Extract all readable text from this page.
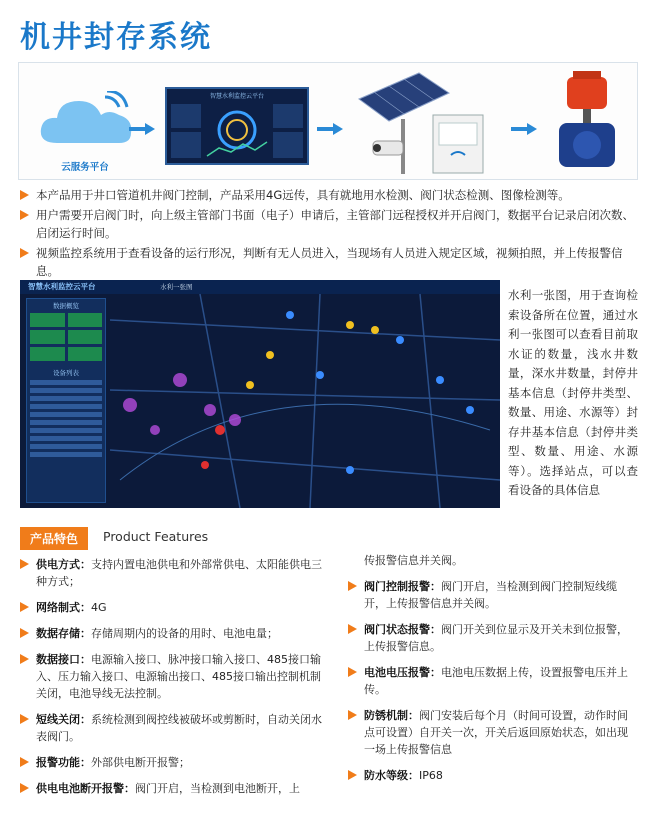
机井封存系统
云服务平台
智慧水利监控云平台
本产品用于井口管道机井阀门控制，产品采用4G远传，具有就地用水检测、阀门状态检测、图像检测等。
用户需要开启阀门时，向上级主管部门书面（电子）申请后，主管部门远程授权并开启阀门，数据平台记录启闭次数、启闭运行时间。
视频监控系统用于查看设备的运行形况，判断有无人员进入，当现场有人员进入规定区域，视频拍照，并上传报警信息。
智慧水利监控云平台	水利一张图
数据概览
设备列表
水利一张图，用于查询检索设备所在位置，通过水利一张图可以查看目前取水证的数量，浅水井数量，深水井数量，封停井基本信息（封停井类型、数量、用途、水源等）封存井基本信息（封停井类型、数量、用途、水源等）。选择站点，可以查看设备的具体信息
产品特色	Product Features
供电方式：支持内置电池供电和外部常供电、太阳能供电三种方式；
网络制式：4G
数据存储：存储周期内的设备的用时、电池电量；
数据接口：电源输入接口、脉冲接口输入接口、485接口输入、压力输入接口、电源输出接口、485接口输出控制机制关闭，电池导线无法控制。
短线关闭：系统检测到阀控线被破坏或剪断时，自动关闭水表阀门。
报警功能：外部供电断开报警；
供电电池断开报警：阀门开启，当检测到电池断开，上
传报警信息并关阀。
阀门控制报警：阀门开启，当检测到阀门控制短线缆开，上传报警信息并关阀。
阀门状态报警：阀门开关到位显示及开关未到位报警，上传报警信息。
电池电压报警：电池电压数据上传，设置报警电压并上传。
防锈机制：阀门安装后每个月（时间可设置，动作时间点可设置）自开关一次，开关后返回原始状态，如出现一场上传报警信息
防水等级：IP68
